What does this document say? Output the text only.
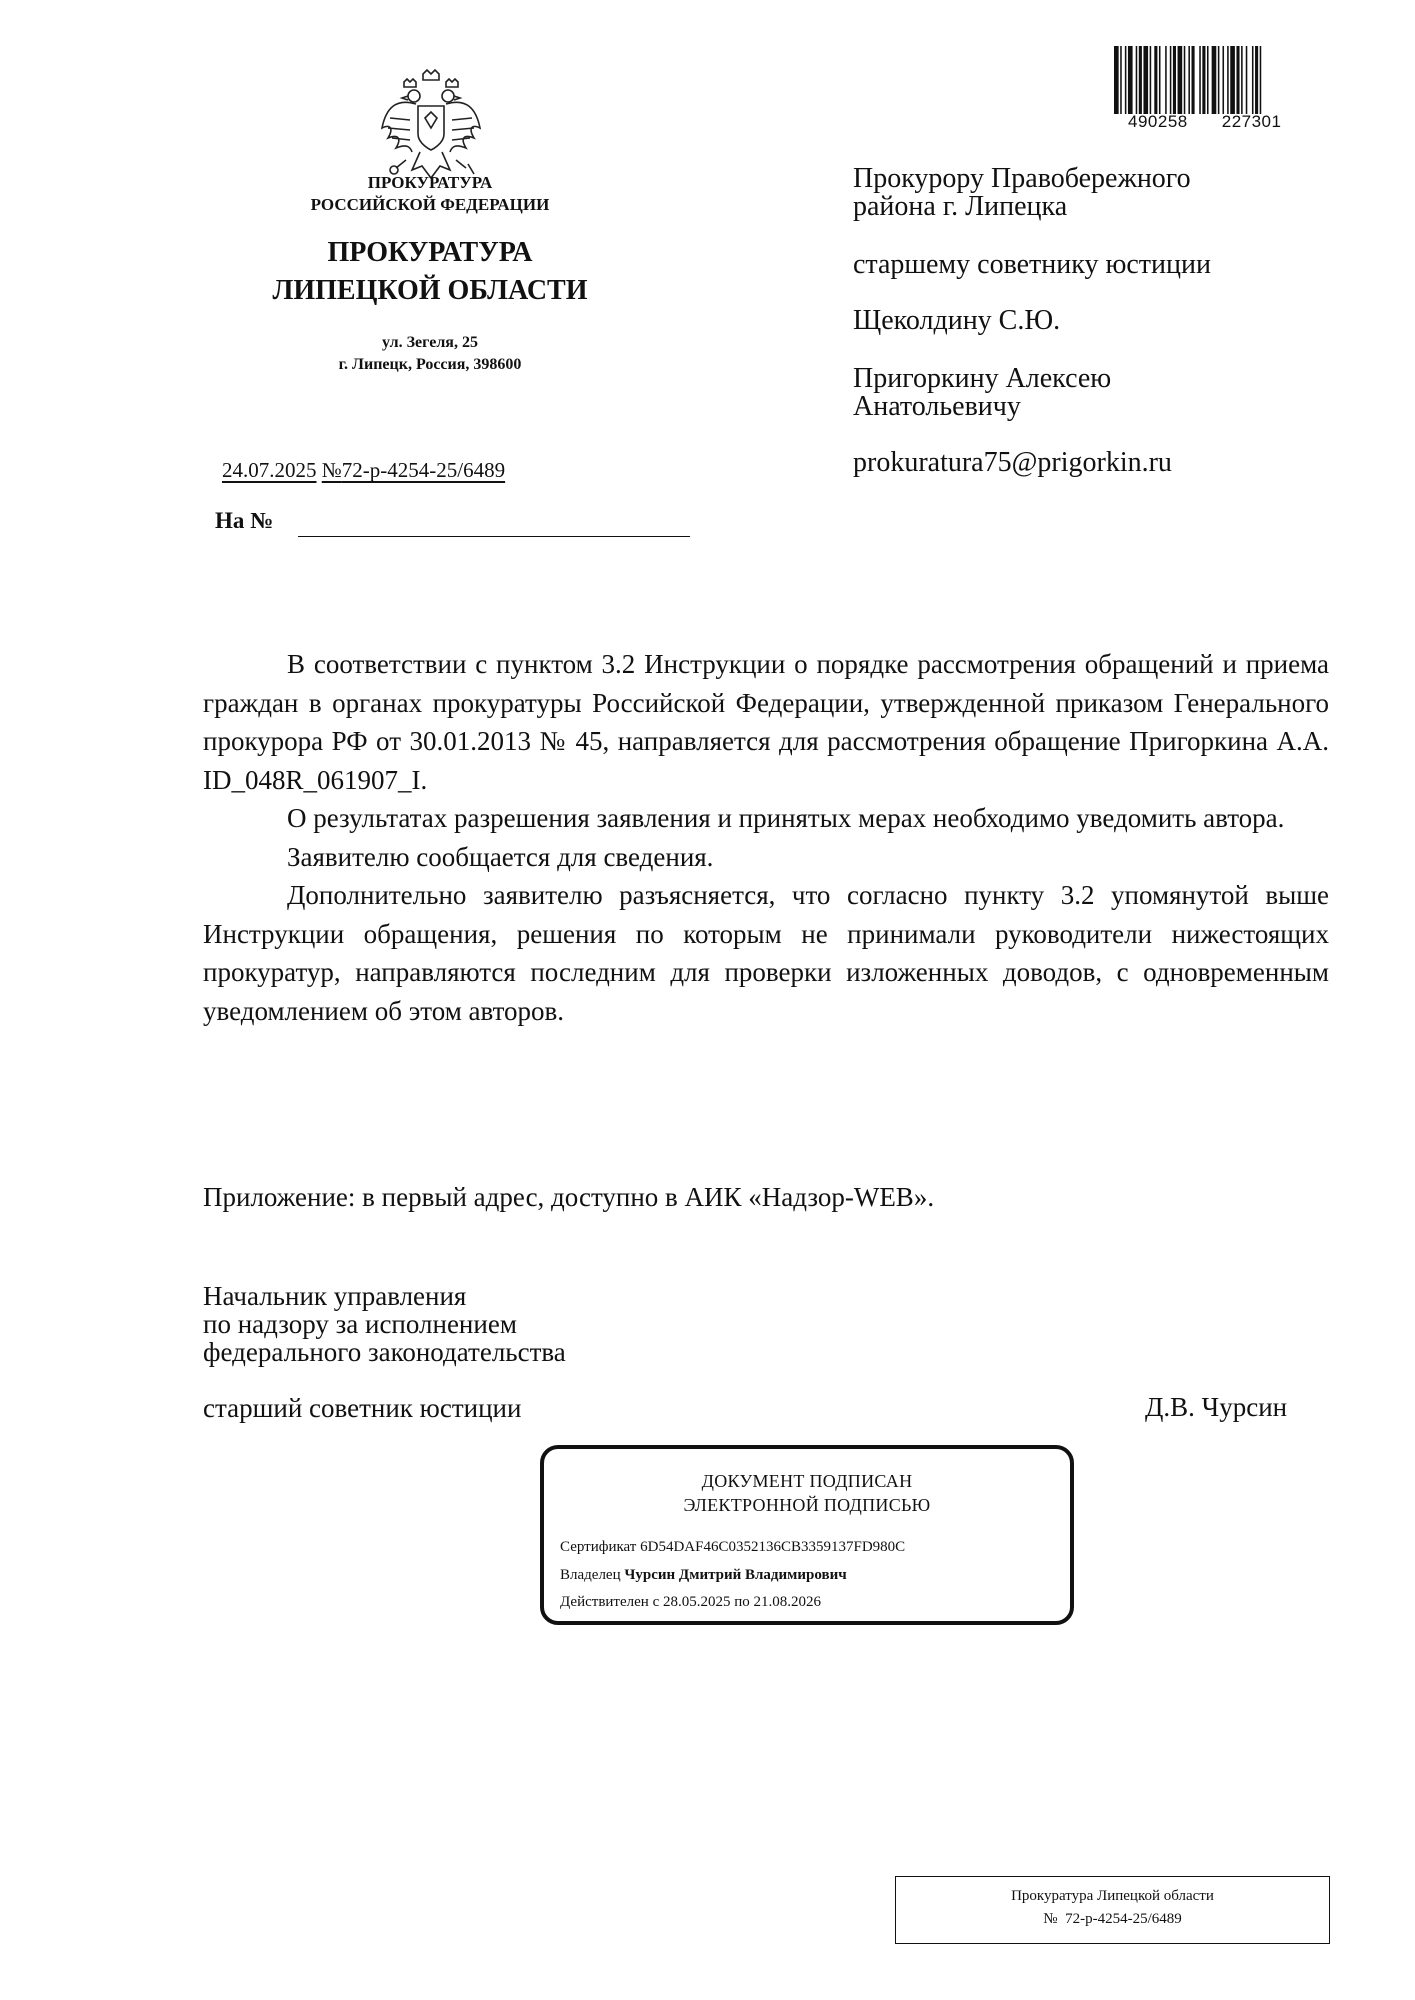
ПРОКУРАТУРА
РОССИЙСКОЙ ФЕДЕРАЦИИ
ПРОКУРАТУРА
ЛИПЕЦКОЙ ОБЛАСТИ
ул. Зегеля, 25
г. Липецк, Россия, 398600
24.07.2025 №72-р-4254-25/6489
На №
490258 227301
Прокурору Правобережного
района г. Липецка
старшему советнику юстиции
Щеколдину С.Ю.
Пригоркину Алексею
Анатольевичу
prokuratura75@prigorkin.ru

В соответствии с пунктом 3.2 Инструкции о порядке рассмотрения обращений и приема граждан в органах прокуратуры Российской Федерации, утвержденной приказом Генерального прокурора РФ от 30.01.2013 № 45, направляется для рассмотрения обращение Пригоркина А.А. ID_048R_061907_I.

О результатах разрешения заявления и принятых мерах необходимо уведомить автора.

Заявителю сообщается для сведения.

Дополнительно заявителю разъясняется, что согласно пункту 3.2 упомянутой выше Инструкции обращения, решения по которым не принимали руководители нижестоящих прокуратур, направляются последним для проверки изложенных доводов, с одновременным уведомлением об этом авторов.

Приложение: в первый адрес, доступно в АИК «Надзор-WEB».
Начальник управления
по надзору за исполнением
федерального законодательства
старший советник юстиции	Д.В. Чурсин
ДОКУМЕНТ ПОДПИСАН
ЭЛЕКТРОННОЙ ПОДПИСЬЮ
Сертификат 6D54DAF46C0352136CB3359137FD980C
Владелец Чурсин Дмитрий Владимирович
Действителен с 28.05.2025 по 21.08.2026
Прокуратура Липецкой области
№ 72-р-4254-25/6489
